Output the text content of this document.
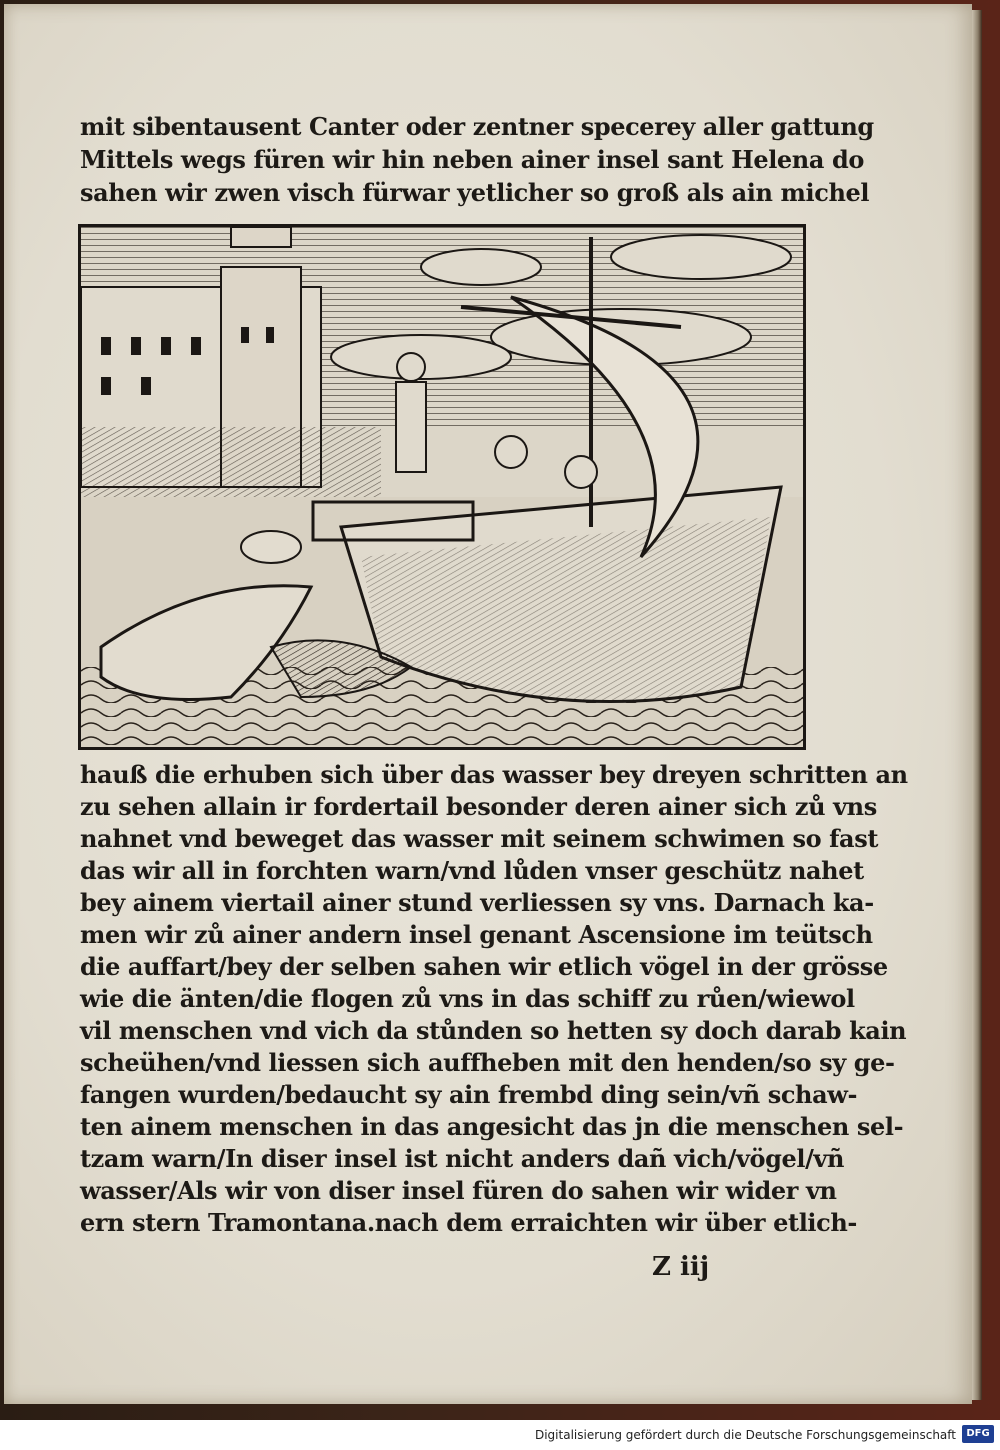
mit sibentausent Canter oder zentner specerey aller gattung
Mittels wegs füren wir hin neben ainer insel sant Helena do
sahen wir zwen visch fürwar yetlicher so groß als ain michel
hauß die erhuben sich über das wasser bey dreyen schritten an
zu sehen allain ir fordertail besonder deren ainer sich zů vns
nahnet vnd beweget das wasser mit seinem schwimen so fast
das wir all in forchten warn/vnd lůden vnser geschütz nahet
bey ainem viertail ainer stund verliessen sy vns. Darnach ka-
men wir zů ainer andern insel genant Ascensione im teütsch
die auffart/bey der selben sahen wir etlich vögel in der grösse
wie die änten/die flogen zů vns in das schiff zu růen/wiewol
vil menschen vnd vich da stůnden so hetten sy doch darab kain
scheühen/vnd liessen sich auffheben mit den henden/so sy ge-
fangen wurden/bedaucht sy ain frembd ding sein/vñ schaw-
ten ainem menschen in das angesicht das jn die menschen sel-
tzam warn/In diser insel ist nicht anders dañ vich/vögel/vñ
wasser/Als wir von diser insel füren do sahen wir wider vn
ern stern Tramontana.nach dem erraichten wir über etlich-
Z iij
Digitalisierung gefördert durch die Deutsche Forschungsgemeinschaft	DFG
